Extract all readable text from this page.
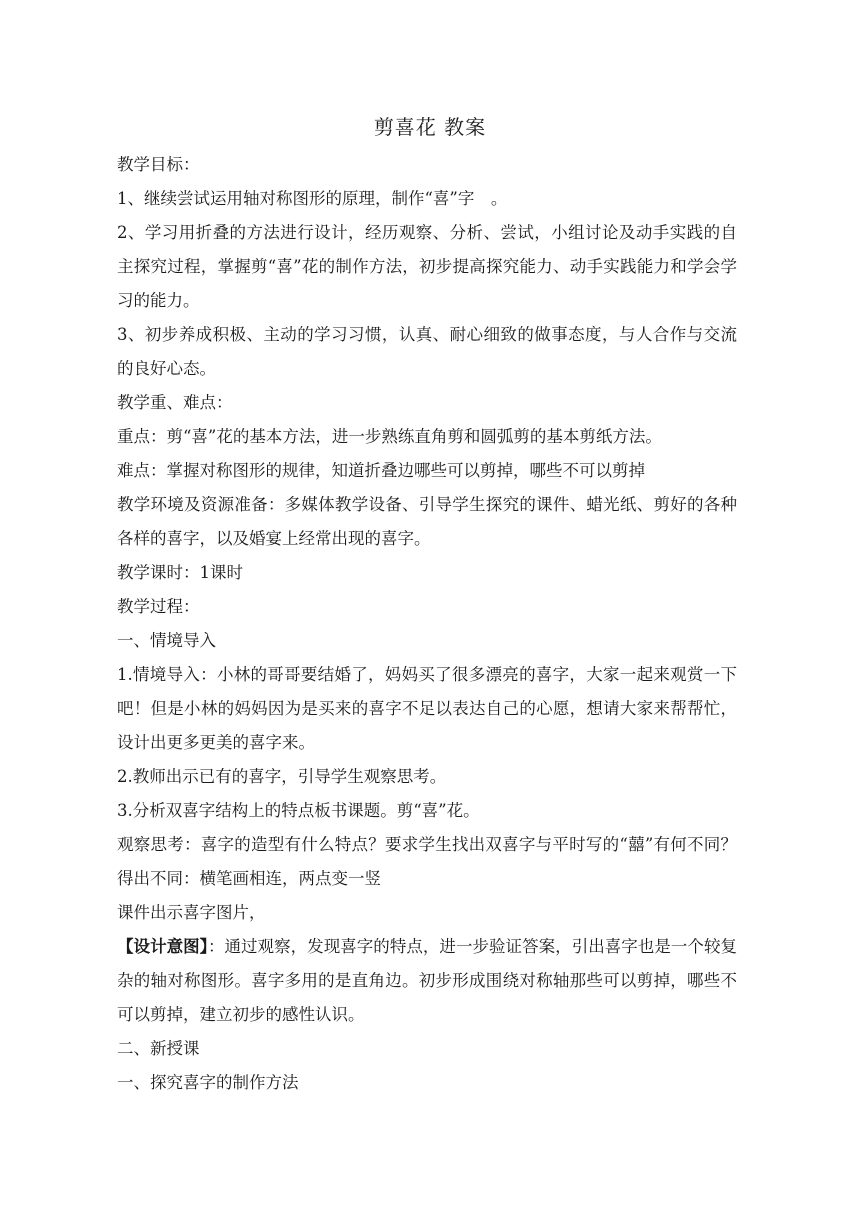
剪喜花 教案

教学目标：

1、继续尝试运用轴对称图形的原理，制作“喜”字　。

2、学习用折叠的方法进行设计，经历观察、分析、尝试，小组讨论及动手实践的自主探究过程，掌握剪“喜”花的制作方法，初步提高探究能力、动手实践能力和学会学习的能力。

3、初步养成积极、主动的学习习惯，认真、耐心细致的做事态度，与人合作与交流的良好心态。

教学重、难点：

重点：剪“喜”花的基本方法，进一步熟练直角剪和圆弧剪的基本剪纸方法。

难点：掌握对称图形的规律，知道折叠边哪些可以剪掉，哪些不可以剪掉

教学环境及资源准备：多媒体教学设备、引导学生探究的课件、蜡光纸、剪好的各种各样的喜字，以及婚宴上经常出现的喜字。

教学课时：1课时

教学过程：

一、情境导入

1.情境导入：小林的哥哥要结婚了，妈妈买了很多漂亮的喜字，大家一起来观赏一下吧！但是小林的妈妈因为是买来的喜字不足以表达自己的心愿，想请大家来帮帮忙，设计出更多更美的喜字来。

2.教师出示已有的喜字，引导学生观察思考。

3.分析双喜字结构上的特点板书课题。剪“喜”花。

观察思考：喜字的造型有什么特点？要求学生找出双喜字与平时写的“囍”有何不同？　得出不同：横笔画相连，两点变一竖

课件出示喜字图片，

【设计意图】：通过观察，发现喜字的特点，进一步验证答案，引出喜字也是一个较复杂的轴对称图形。喜字多用的是直角边。初步形成围绕对称轴那些可以剪掉，哪些不可以剪掉，建立初步的感性认识。

二、新授课

一、探究喜字的制作方法
